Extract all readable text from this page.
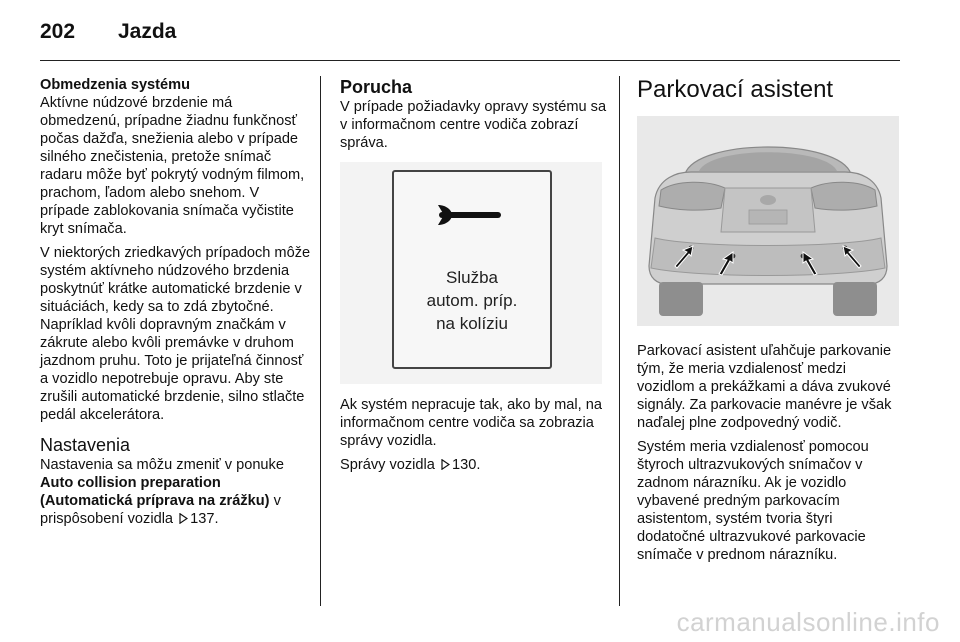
202 Jazda
Obmedzenia systému

Aktívne núdzové brzdenie má obmedzenú, prípadne žiadnu funkčnosť počas dažďa, snežienia alebo v prípade silného znečistenia, pretože snímač radaru môže byť pokrytý vodným filmom, prachom, ľadom alebo snehom. V prípade zablokovania snímača vyčistite kryt snímača.

V niektorých zriedkavých prípadoch môže systém aktívneho núdzového brzdenia poskytnúť krátke automatické brzdenie v situáciách, kedy sa to zdá zbytočné. Napríklad kvôli dopravným značkám v zákrute alebo kvôli premávke v druhom jazdnom pruhu. Toto je prijateľná činnosť a vozidlo nepotrebuje opravu. Aby ste zrušili automatické brzdenie, silno stlačte pedál akcelerátora.

Nastavenia

Nastavenia sa môžu zmeniť v ponuke Auto collision preparation (Automatická príprava na zrážku) v prispôsobení vozidla 137.

Porucha

V prípade požiadavky opravy systému sa v informačnom centre vodiča zobrazí správa.

Služba
autom. príp.
na kolíziu

Ak systém nepracuje tak, ako by mal, na informačnom centre vodiča sa zobrazia správy vozidla.

Správy vozidla 130.

Parkovací asistent

Parkovací asistent uľahčuje parkovanie tým, že meria vzdialenosť medzi vozidlom a prekážkami a dáva zvukové signály. Za parkovacie manévre je však naďalej plne zodpovedný vodič.

Systém meria vzdialenosť pomocou štyroch ultrazvukových snímačov v zadnom nárazníku. Ak je vozidlo vybavené predným parkovacím asistentom, systém tvoria štyri dodatočné ultrazvukové parkovacie snímače v prednom nárazníku.

carmanualsonline.info
